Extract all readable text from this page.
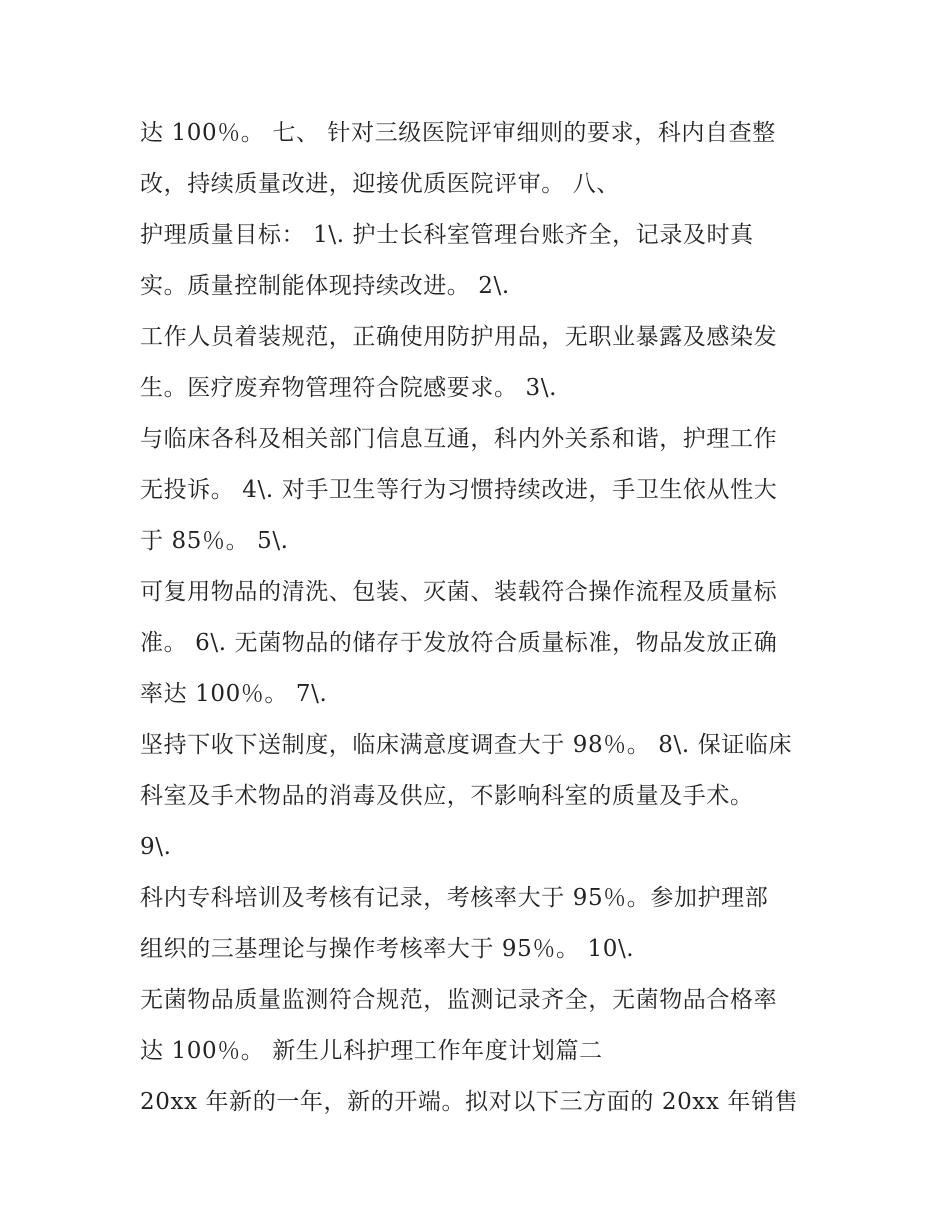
达 100％。 七、 针对三级医院评审细则的要求，科内自查整
改，持续质量改进，迎接优质医院评审。 八、
护理质量目标： 1\. 护士长科室管理台账齐全，记录及时真
实。质量控制能体现持续改进。 2\.
工作人员着装规范，正确使用防护用品，无职业暴露及感染发
生。医疗废弃物管理符合院感要求。 3\.
与临床各科及相关部门信息互通，科内外关系和谐，护理工作
无投诉。 4\. 对手卫生等行为习惯持续改进，手卫生依从性大
于 85％。 5\.
可复用物品的清洗、包装、灭菌、装载符合操作流程及质量标
准。 6\. 无菌物品的储存于发放符合质量标准，物品发放正确
率达 100％。 7\.
坚持下收下送制度，临床满意度调查大于 98％。 8\. 保证临床
科室及手术物品的消毒及供应，不影响科室的质量及手术。
9\.
科内专科培训及考核有记录，考核率大于 95％。参加护理部
组织的三基理论与操作考核率大于 95％。 10\.
无菌物品质量监测符合规范，监测记录齐全，无菌物品合格率
达 100％。 新生儿科护理工作年度计划篇二
20xx 年新的一年，新的开端。拟对以下三方面的 20xx 年销售
